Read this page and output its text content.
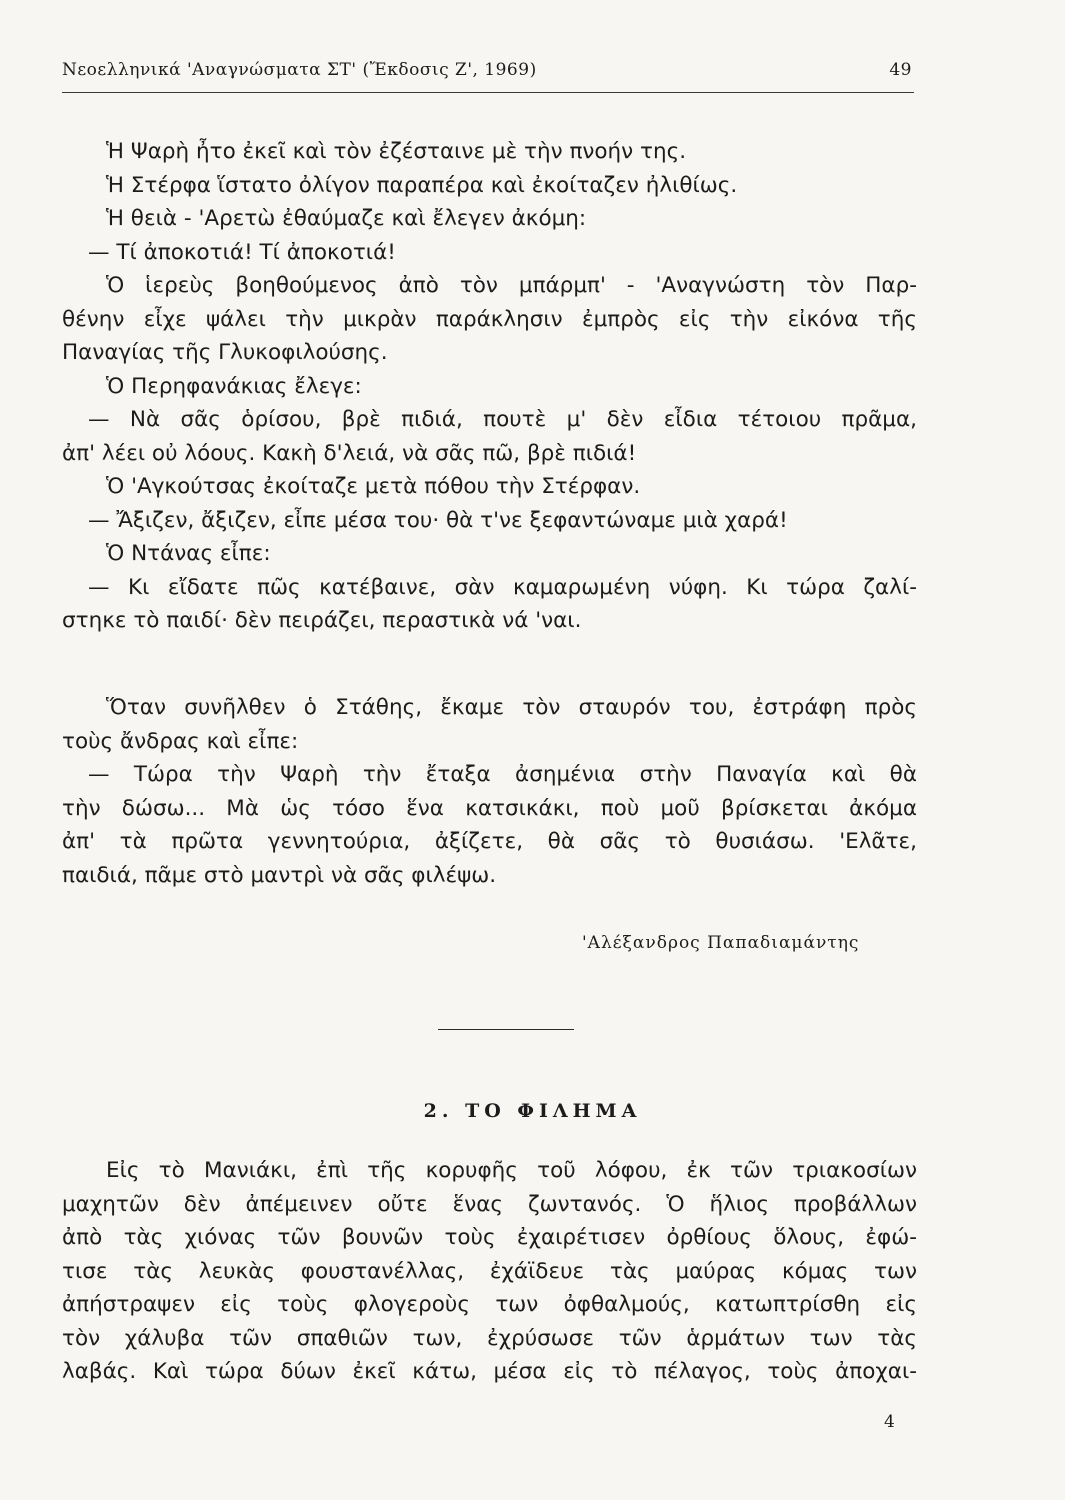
Νεοελληνικά 'Αναγνώσματα ΣΤ' (Ἔκδοσις Ζ', 1969)	49
Ἡ Ψαρὴ ἦτο ἐκεῖ καὶ τὸν ἐζέσταινε μὲ τὴν πνοήν της.
Ἡ Στέρφα ἵστατο ὀλίγον παραπέρα καὶ ἐκοίταζεν ἠλιθίως.
Ἡ θειὰ - 'Αρετὼ ἐθαύμαζε καὶ ἔλεγεν ἀκόμη:
— Τί ἀποκοτιά! Τί ἀποκοτιά!
Ὁ ἱερεὺς βοηθούμενος ἀπὸ τὸν μπάρμπ' - 'Αναγνώστη τὸν Παρ-
θένην εἶχε ψάλει τὴν μικρὰν παράκλησιν ἐμπρὸς εἰς τὴν εἰκόνα τῆς
Παναγίας τῆς Γλυκοφιλούσης.
Ὁ Περηφανάκιας ἔλεγε:
— Νὰ σᾶς ὁρίσου, βρὲ πιδιά, πουτὲ μ' δὲν εἶδια τέτοιου πρᾶμα,
ἀπ' λέει οὐ λόους. Κακὴ δ'λειά, νὰ σᾶς πῶ, βρὲ πιδιά!
Ὁ 'Αγκούτσας ἐκοίταζε μετὰ πόθου τὴν Στέρφαν.
— Ἄξιζεν, ἄξιζεν, εἶπε μέσα του· θὰ τ'νε ξεφαντώναμε μιὰ χαρά!
Ὁ Ντάνας εἶπε:
— Κι εἴδατε πῶς κατέβαινε, σὰν καμαρωμένη νύφη. Κι τώρα ζαλί-
στηκε τὸ παιδί· δὲν πειράζει, περαστικὰ νά 'ναι.
Ὅταν συνῆλθεν ὁ Στάθης, ἔκαμε τὸν σταυρόν του, ἐστράφη πρὸς
τοὺς ἄνδρας καὶ εἶπε:
— Τώρα τὴν Ψαρὴ τὴν ἔταξα ἀσημένια στὴν Παναγία καὶ θὰ
τὴν δώσω... Μὰ ὡς τόσο ἕνα κατσικάκι, ποὺ μοῦ βρίσκεται ἀκόμα
ἀπ' τὰ πρῶτα γεννητούρια, ἀξίζετε, θὰ σᾶς τὸ θυσιάσω. 'Ελᾶτε,
παιδιά, πᾶμε στὸ μαντρὶ νὰ σᾶς φιλέψω.
'Αλέξανδρος Παπαδιαμάντης
2. ΤΟ ΦΙΛΗΜΑ
Εἰς τὸ Μανιάκι, ἐπὶ τῆς κορυφῆς τοῦ λόφου, ἐκ τῶν τριακοσίων
μαχητῶν δὲν ἀπέμεινεν οὔτε ἕνας ζωντανός. Ὁ ἥλιος προβάλλων
ἀπὸ τὰς χιόνας τῶν βουνῶν τοὺς ἐχαιρέτισεν ὀρθίους ὅλους, ἐφώ-
τισε τὰς λευκὰς φουστανέλλας, ἐχάϊδευε τὰς μαύρας κόμας των
ἀπήστραψεν εἰς τοὺς φλογεροὺς των ὀφθαλμούς, κατωπτρίσθη εἰς
τὸν χάλυβα τῶν σπαθιῶν των, ἐχρύσωσε τῶν ἁρμάτων των τὰς
λαβάς. Καὶ τώρα δύων ἐκεῖ κάτω, μέσα εἰς τὸ πέλαγος, τοὺς ἀποχαι-
4
